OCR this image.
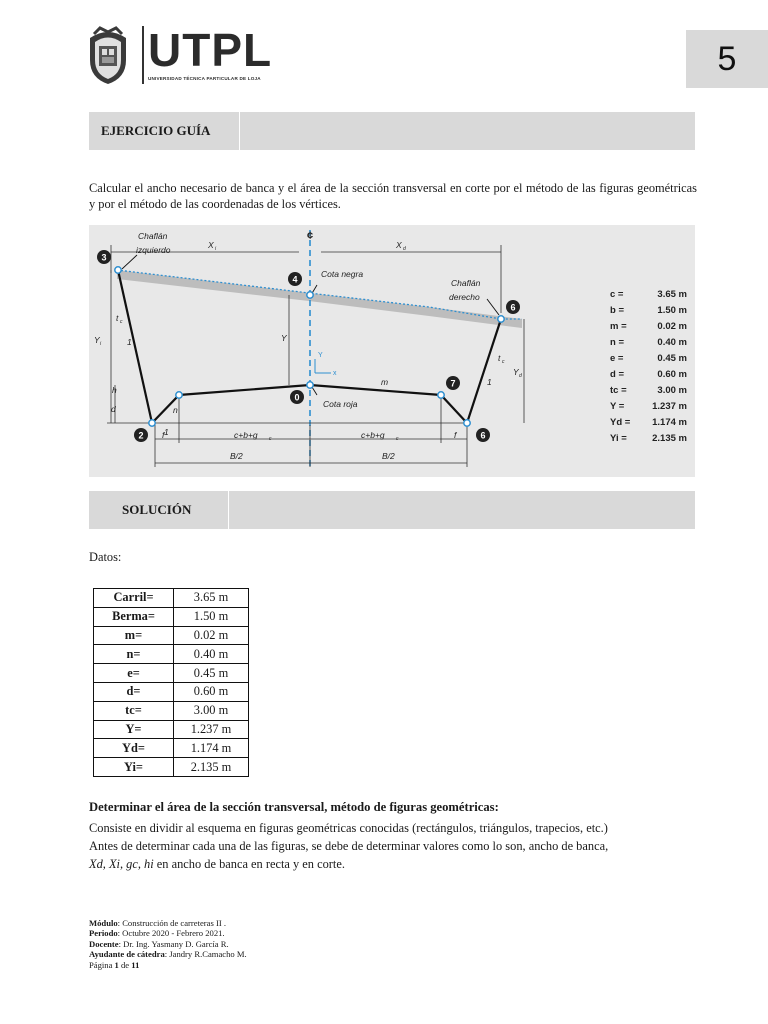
UTPL
UNIVERSIDAD TÉCNICA PARTICULAR DE LOJA
5
EJERCICIO GUÍA
Calcular el ancho necesario de banca y el área de la sección transversal en corte por el método de las figuras geométricas y por el método de las coordenadas de los vértices.
Y
x
3
2
4
0
7
6
6
Chaflán
izquierdo
Chaflán
derecho
Cota negra
Cota roja
X i	X d
Y
Y i
Y d
t c
t c
1
1
1
h
d	n
f	f
m
c+b+g c	c+b+g c
B/2	B/2
¢
c =	3.65 m
b =	1.50 m
m =	0.02 m
n =	0.40 m
e =	0.45 m
d =	0.60 m
tc =	3.00 m
Y =	1.237 m
Yd = 1.174 m
Yi =	2.135 m
SOLUCIÓN
Datos:
Carril=	3.65 m
Berma=	1.50 m
m=	0.02 m
n=	0.40 m
e=	0.45 m
d=	0.60 m
tc=	3.00 m
Y=	1.237 m
Yd=	1.174 m
Yi=	2.135 m
Determinar el área de la sección transversal, método de figuras geométricas:
Consiste en dividir al esquema en figuras geométricas conocidas (rectángulos, triángulos, trapecios, etc.)
Antes de determinar cada una de las figuras, se debe de determinar valores como lo son, ancho de banca,
Xd, Xi, gc, hi en ancho de banca en recta y en corte.
Módulo: Construcción de carreteras II .
Periodo: Octubre 2020 - Febrero 2021.
Docente: Dr. Ing. Yasmany D. García R.
Ayudante de cátedra: Jandry R.Camacho M.
Página 1 de 11
